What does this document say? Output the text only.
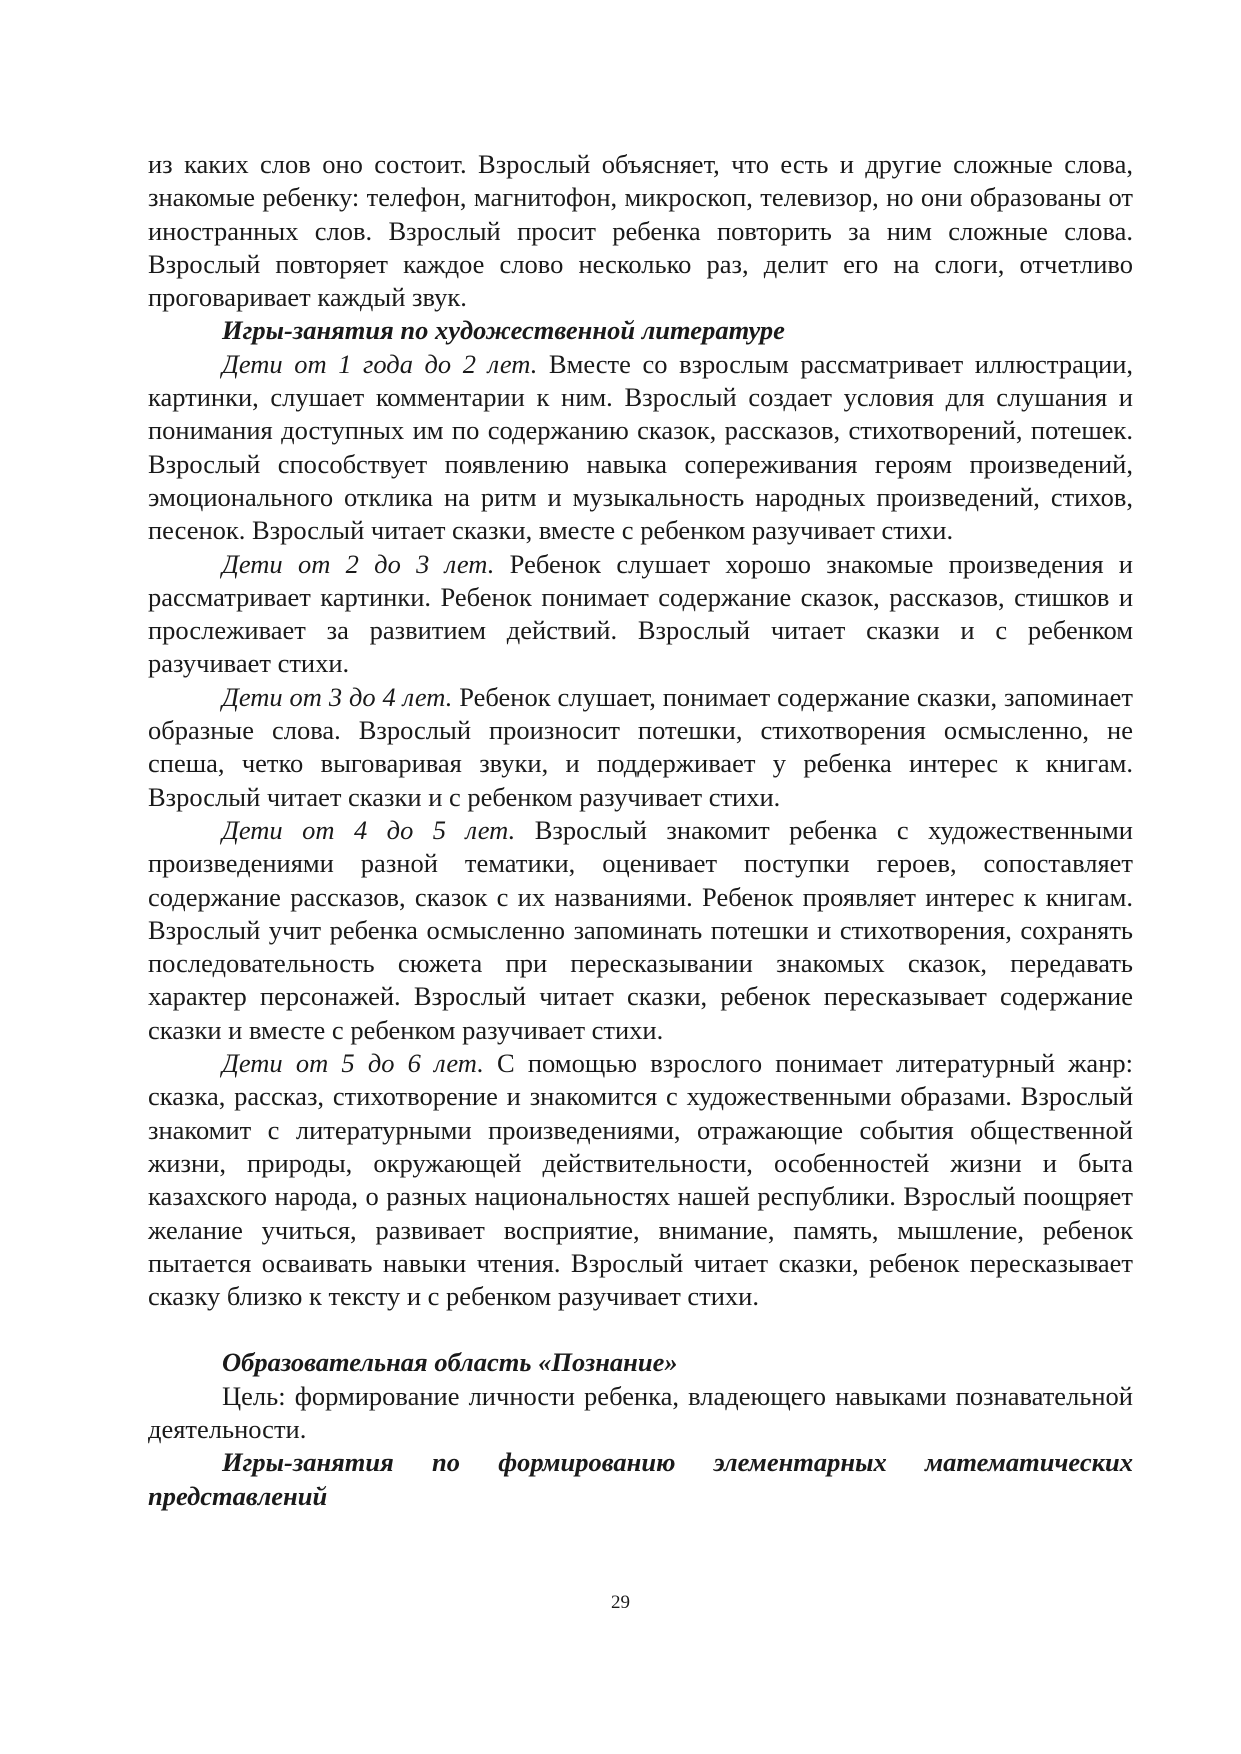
из каких слов оно состоит. Взрослый объясняет, что есть и другие сложные слова, знакомые ребенку: телефон, магнитофон, микроскоп, телевизор, но они образованы от иностранных слов. Взрослый просит ребенка повторить за ним сложные слова. Взрослый повторяет каждое слово несколько раз, делит его на слоги, отчетливо проговаривает каждый звук.

Игры-занятия по художественной литературе

Дети от 1 года до 2 лет. Вместе со взрослым рассматривает иллюстрации, картинки, слушает комментарии к ним. Взрослый создает условия для слушания и понимания доступных им по содержанию сказок, рассказов, стихотворений, потешек. Взрослый способствует появлению навыка сопереживания героям произведений, эмоционального отклика на ритм и музыкальность народных произведений, стихов, песенок. Взрослый читает сказки, вместе с ребенком разучивает стихи.

Дети от 2 до 3 лет. Ребенок слушает хорошо знакомые произведения и рассматривает картинки. Ребенок понимает содержание сказок, рассказов, стишков и прослеживает за развитием действий. Взрослый читает сказки и с ребенком разучивает стихи.

Дети от 3 до 4 лет. Ребенок слушает, понимает содержание сказки, запоминает образные слова. Взрослый произносит потешки, стихотворения осмысленно, не спеша, четко выговаривая звуки, и поддерживает у ребенка интерес к книгам. Взрослый читает сказки и с ребенком разучивает стихи.

Дети от 4 до 5 лет. Взрослый знакомит ребенка с художественными произведениями разной тематики, оценивает поступки героев, сопоставляет содержание рассказов, сказок с их названиями. Ребенок проявляет интерес к книгам. Взрослый учит ребенка осмысленно запоминать потешки и стихотворения, сохранять последовательность сюжета при пересказывании знакомых сказок, передавать характер персонажей. Взрослый читает сказки, ребенок пересказывает содержание сказки и вместе с ребенком разучивает стихи.

Дети от 5 до 6 лет. С помощью взрослого понимает литературный жанр: сказка, рассказ, стихотворение и знакомится с художественными образами. Взрослый знакомит с литературными произведениями, отражающие события общественной жизни, природы, окружающей действительности, особенностей жизни и быта казахского народа, о разных национальностях нашей республики. Взрослый поощряет желание учиться, развивает восприятие, внимание, память, мышление, ребенок пытается осваивать навыки чтения. Взрослый читает сказки, ребенок пересказывает сказку близко к тексту и с ребенком разучивает стихи.

Образовательная область «Познание»

Цель: формирование личности ребенка, владеющего навыками познавательной деятельности.

Игры-занятия по формированию элементарных математических представлений

29
